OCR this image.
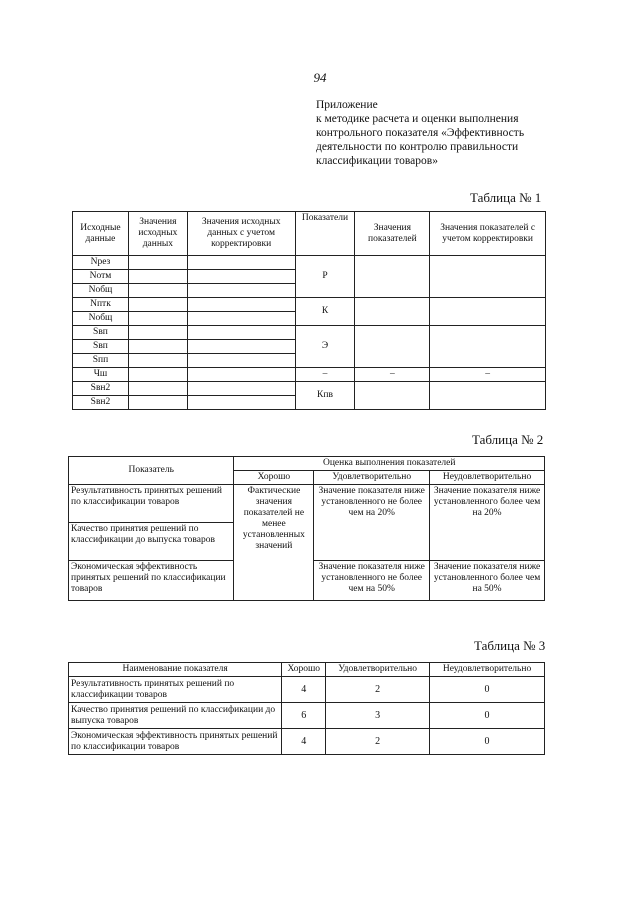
94
Приложение
к методике расчета и оценки выполнения
контрольного показателя «Эффективность
деятельности по контролю правильности
классификации товаров»
Таблица № 1
Исходные данные	Значения исходных данных	Значения исходных данных с учетом корректировки	Показатели	Значения показателей	Значения показателей с учетом корректировки
Nрез			Р		
Nотм					
Nобщ					
Nптк			К		
Nобщ					
Sвп			Э		
Sвп					
Sпп					
Чш			–	–	–
Sвн2			Кпв		
Sвн2					
Таблица № 2
Показатель	Оценка выполнения показателей		
	Хорошо	Удовлетворительно	Неудовлетворительно
Результативность принятых решений по классификации товаров	Фактические значения показателей не менее установленных значений	Значение показателя ниже установленного не более чем на 20%	Значение показателя ниже установленного более чем на 20%
Качество принятия решений по классификации до выпуска товаров			
Экономическая эффективность принятых решений по классификации товаров		Значение показателя ниже установленного не более чем на 50%	Значение показателя ниже установленного более чем на 50%
Таблица № 3
Наименование показателя	Хорошо	Удовлетворительно	Неудовлетворительно
Результативность принятых решений по классификации товаров	4	2	0
Качество принятия решений по классификации до выпуска товаров	6	3	0
Экономическая эффективность принятых решений по классификации товаров	4	2	0
